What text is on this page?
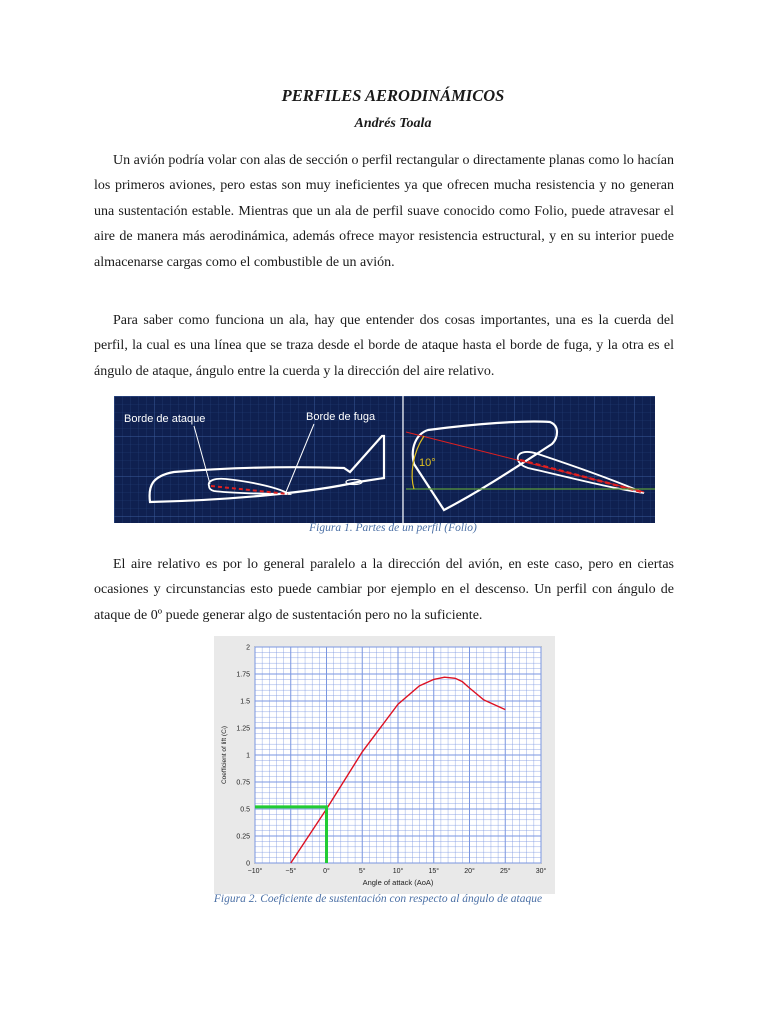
PERFILES AERODINÁMICOS

Andrés Toala

Un avión podría volar con alas de sección o perfil rectangular o directamente planas como lo hacían los primeros aviones, pero estas son muy ineficientes ya que ofrecen mucha resistencia y no generan una sustentación estable. Mientras que un ala de perfil suave conocido como Folio, puede atravesar el aire de manera más aerodinámica, además ofrece mayor resistencia estructural, y en su interior puede almacenarse cargas como el combustible de un avión.

Para saber como funciona un ala, hay que entender dos cosas importantes, una es la cuerda del perfil, la cual es una línea que se traza desde el borde de ataque hasta el borde de fuga, y la otra es el ángulo de ataque, ángulo entre la cuerda y la dirección del aire relativo.

Borde de ataque	Borde de fuga
10°

Figura 1. Partes de un perfil (Folio)

El aire relativo es por lo general paralelo a la dirección del avión, en este caso, pero en ciertas ocasiones y circunstancias esto puede cambiar por ejemplo en el descenso. Un perfil con ángulo de ataque de 0º puede generar algo de sustentación pero no la suficiente.

−10°	−5°	0°	5°	10°	15°	20°	25°	30°
0
0.25
0.5
0.75
1
1.25
1.5
1.75
2
Angle of attack (AoA)
Coefficient of lift (Cₗ)

Figura 2. Coeficiente de sustentación con respecto al ángulo de ataque
